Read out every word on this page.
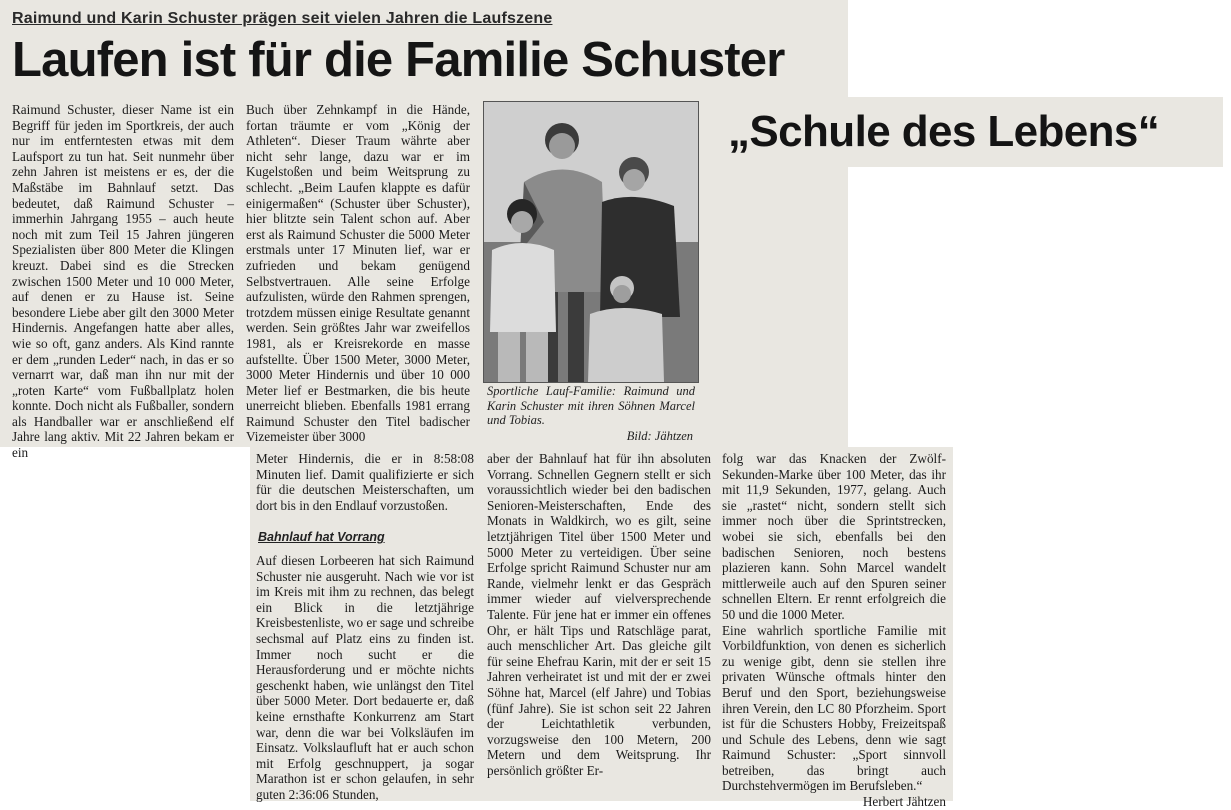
Raimund und Karin Schuster prägen seit vielen Jahren die Laufszene
Laufen ist für die Familie Schuster

Raimund Schuster, dieser Name ist ein Begriff für jeden im Sportkreis, der auch nur im entferntesten etwas mit dem Laufsport zu tun hat. Seit nunmehr über zehn Jahren ist meistens er es, der die Maßstäbe im Bahnlauf setzt. Das bedeutet, daß Raimund Schuster – immerhin Jahrgang 1955 – auch heute noch mit zum Teil 15 Jahren jüngeren Spezialisten über 800 Meter die Klingen kreuzt. Dabei sind es die Strecken zwischen 1500 Meter und 10 000 Meter, auf denen er zu Hause ist. Seine besondere Liebe aber gilt den 3000 Meter Hindernis. Angefangen hatte aber alles, wie so oft, ganz anders. Als Kind rannte er dem „runden Leder“ nach, in das er so vernarrt war, daß man ihn nur mit der „roten Karte“ vom Fußballplatz holen konnte. Doch nicht als Fußballer, sondern als Handballer war er anschließend elf Jahre lang aktiv. Mit 22 Jahren bekam er ein

Buch über Zehnkampf in die Hände, fortan träumte er vom „König der Athleten“. Dieser Traum währte aber nicht sehr lange, dazu war er im Kugelstoßen und beim Weitsprung zu schlecht. „Beim Laufen klappte es dafür einigermaßen“ (Schuster über Schuster), hier blitzte sein Talent schon auf. Aber erst als Raimund Schuster die 5000 Meter erstmals unter 17 Minuten lief, war er zufrieden und bekam genügend Selbstvertrauen. Alle seine Erfolge aufzulisten, würde den Rahmen sprengen, trotzdem müssen einige Resultate genannt werden. Sein größtes Jahr war zweifellos 1981, als er Kreisrekorde en masse aufstellte. Über 1500 Meter, 3000 Meter, 3000 Meter Hindernis und über 10 000 Meter lief er Bestmarken, die bis heute unerreicht blieben. Ebenfalls 1981 errang Raimund Schuster den Titel badischer Vizemeister über 3000

Sportliche Lauf-Familie: Raimund und Karin Schuster mit ihren Söhnen Marcel und Tobias.
Bild: Jähtzen
„Schule des Lebens“

Meter Hindernis, die er in 8:58:08 Minuten lief. Damit qualifizierte er sich für die deutschen Meisterschaften, um dort bis in den Endlauf vorzustoßen.

Bahnlauf hat Vorrang

Auf diesen Lorbeeren hat sich Raimund Schuster nie ausgeruht. Nach wie vor ist im Kreis mit ihm zu rechnen, das belegt ein Blick in die letztjährige Kreisbestenliste, wo er sage und schreibe sechsmal auf Platz eins zu finden ist. Immer noch sucht er die Herausforderung und er möchte nichts geschenkt haben, wie unlängst den Titel über 5000 Meter. Dort bedauerte er, daß keine ernsthafte Konkurrenz am Start war, denn die war bei Volksläufen im Einsatz. Volkslaufluft hat er auch schon mit Erfolg geschnuppert, ja sogar Marathon ist er schon gelaufen, in sehr guten 2:36:06 Stunden,

aber der Bahnlauf hat für ihn absoluten Vorrang. Schnellen Gegnern stellt er sich voraussichtlich wieder bei den badischen Senioren-Meisterschaften, Ende des Monats in Waldkirch, wo es gilt, seine letztjährigen Titel über 1500 Meter und 5000 Meter zu verteidigen. Über seine Erfolge spricht Raimund Schuster nur am Rande, vielmehr lenkt er das Gespräch immer wieder auf vielversprechende Talente. Für jene hat er immer ein offenes Ohr, er hält Tips und Ratschläge parat, auch menschlicher Art. Das gleiche gilt für seine Ehefrau Karin, mit der er seit 15 Jahren verheiratet ist und mit der er zwei Söhne hat, Marcel (elf Jahre) und Tobias (fünf Jahre). Sie ist schon seit 22 Jahren der Leichtathletik verbunden, vorzugsweise den 100 Metern, 200 Metern und dem Weitsprung. Ihr persönlich größter Er-

folg war das Knacken der Zwölf-Sekunden-Marke über 100 Meter, das ihr mit 11,9 Sekunden, 1977, gelang. Auch sie „rastet“ nicht, sondern stellt sich immer noch über die Sprintstrecken, wobei sie sich, ebenfalls bei den badischen Senioren, noch bestens plazieren kann. Sohn Marcel wandelt mittlerweile auch auf den Spuren seiner schnellen Eltern. Er rennt erfolgreich die 50 und die 1000 Meter.

Eine wahrlich sportliche Familie mit Vorbildfunktion, von denen es sicherlich zu wenige gibt, denn sie stellen ihre privaten Wünsche oftmals hinter den Beruf und den Sport, beziehungsweise ihren Verein, den LC 80 Pforzheim. Sport ist für die Schusters Hobby, Freizeitspaß und Schule des Lebens, denn wie sagt Raimund Schuster: „Sport sinnvoll betreiben, das bringt auch Durchstehvermögen im Berufsleben.“

Herbert Jähtzen
